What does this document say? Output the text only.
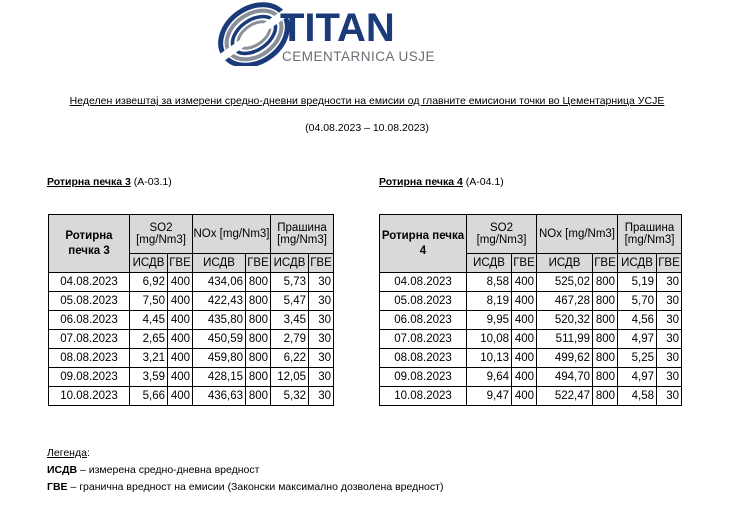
TITAN
CEMENTARNICA USJE
Неделен извештај за измерени средно-дневни вредности на емисии од главните емисиони точки во Цементарница УСЈЕ
(04.08.2023 – 10.08.2023)
Ротирна печка 3 (A-03.1)	Ротирна печка 4 (A-04.1)
Ротирна печка 3	SO2 [mg/Nm3]		NOx [mg/Nm3]		Прашина [mg/Nm3]	
	ИСДВ	ГВЕ	ИСДВ	ГВЕ	ИСДВ	ГВЕ
04.08.2023	6,92	400	434,06	800	5,73	30
05.08.2023	7,50	400	422,43	800	5,47	30
06.08.2023	4,45	400	435,80	800	3,45	30
07.08.2023	2,65	400	450,59	800	2,79	30
08.08.2023	3,21	400	459,80	800	6,22	30
09.08.2023	3,59	400	428,15	800	12,05	30
10.08.2023	5,66	400	436,63	800	5,32	30
Ротирна печка 4	SO2 [mg/Nm3]		NOx [mg/Nm3]		Прашина [mg/Nm3]	
	ИСДВ	ГВЕ	ИСДВ	ГВЕ	ИСДВ	ГВЕ
04.08.2023	8,58	400	525,02	800	5,19	30
05.08.2023	8,19	400	467,28	800	5,70	30
06.08.2023	9,95	400	520,32	800	4,56	30
07.08.2023	10,08	400	511,99	800	4,97	30
08.08.2023	10,13	400	499,62	800	5,25	30
09.08.2023	9,64	400	494,70	800	4,97	30
10.08.2023	9,47	400	522,47	800	4,58	30
Легенда:
ИСДВ – измерена средно-дневна вредност
ГВЕ – гранична вредност на емисии (Законски максимално дозволена вредност)
